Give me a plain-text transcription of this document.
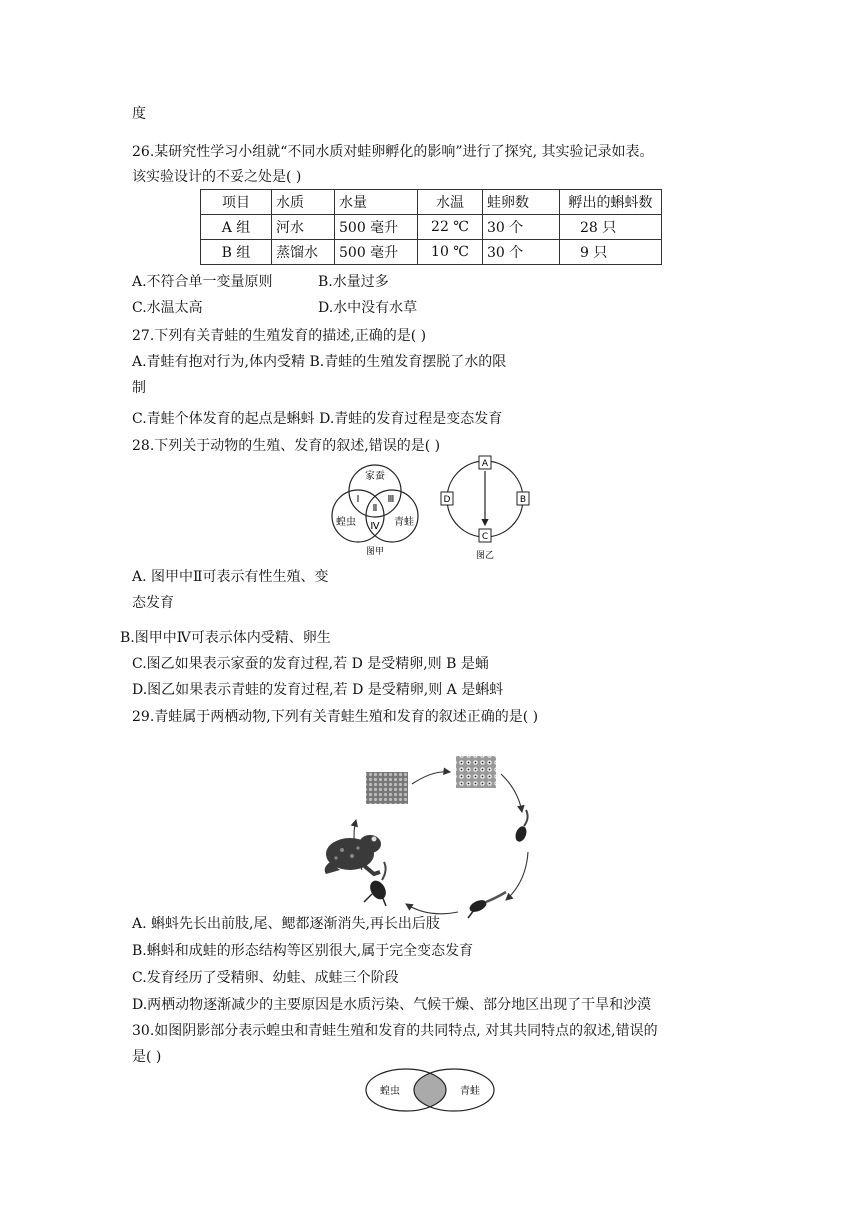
度
26.某研究性学习小组就“不同水质对蛙卵孵化的影响”进行了探究, 其实验记录如表。
该实验设计的不妥之处是( )
项目	水质	水量	水温	蛙卵数	孵出的蝌蚪数
A 组	河水	500 毫升	22 ℃	30 个	28 只
B 组	蒸馏水	500 毫升	10 ℃	30 个	9 只
A.不符合单一变量原则	B.水量过多
C.水温太高	D.水中没有水草
27.下列有关青蛙的生殖发育的描述,正确的是( )
A.青蛙有抱对行为,体内受精 B.青蛙的生殖发育摆脱了水的限
制
C.青蛙个体发育的起点是蝌蚪 D.青蛙的发育过程是变态发育
28.下列关于动物的生殖、发育的叙述,错误的是( )
家蚕
蝗虫	青蛙
Ⅰ
Ⅱ
Ⅲ
Ⅳ
图甲
A
B
C
D
图乙
A. 图甲中Ⅱ可表示有性生殖、变
态发育
B.图甲中Ⅳ可表示体内受精、卵生
C.图乙如果表示家蚕的发育过程,若 D 是受精卵,则 B 是蛹
D.图乙如果表示青蛙的发育过程,若 D 是受精卵,则 A 是蝌蚪
29.青蛙属于两栖动物,下列有关青蛙生殖和发育的叙述正确的是( )
A. 蝌蚪先长出前肢,尾、鳃都逐渐消失,再长出后肢
B.蝌蚪和成蛙的形态结构等区别很大,属于完全变态发育
C.发育经历了受精卵、幼蛙、成蛙三个阶段
D.两栖动物逐渐减少的主要原因是水质污染、气候干燥、部分地区出现了干旱和沙漠
30.如图阴影部分表示蝗虫和青蛙生殖和发育的共同特点, 对其共同特点的叙述,错误的
是( )
蝗虫	青蛙
